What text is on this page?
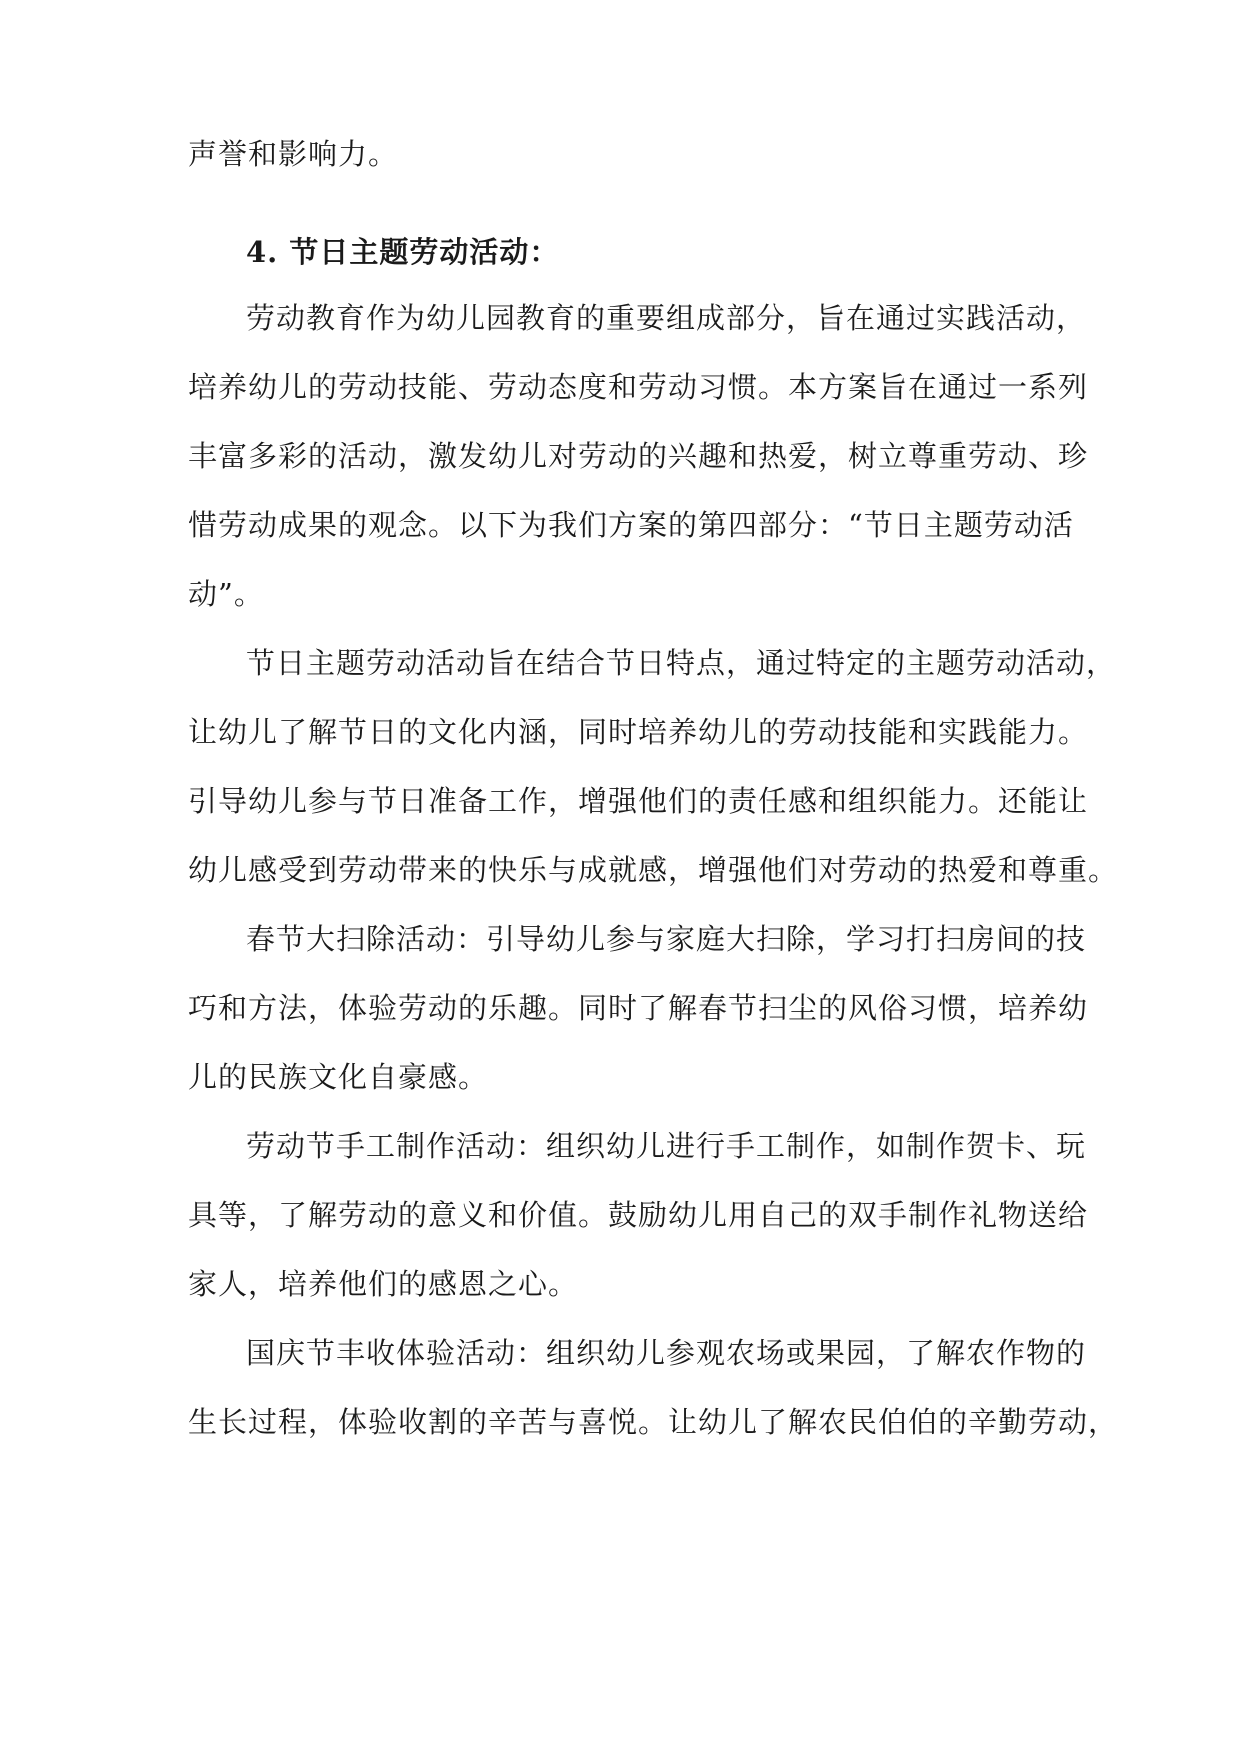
声誉和影响力。

4. 节日主题劳动活动：

劳动教育作为幼儿园教育的重要组成部分，旨在通过实践活动，

培养幼儿的劳动技能、劳动态度和劳动习惯。本方案旨在通过一系列

丰富多彩的活动，激发幼儿对劳动的兴趣和热爱，树立尊重劳动、珍

惜劳动成果的观念。以下为我们方案的第四部分：“节日主题劳动活

动”。

节日主题劳动活动旨在结合节日特点，通过特定的主题劳动活动，

让幼儿了解节日的文化内涵，同时培养幼儿的劳动技能和实践能力。

引导幼儿参与节日准备工作，增强他们的责任感和组织能力。还能让

幼儿感受到劳动带来的快乐与成就感，增强他们对劳动的热爱和尊重。

春节大扫除活动：引导幼儿参与家庭大扫除，学习打扫房间的技

巧和方法，体验劳动的乐趣。同时了解春节扫尘的风俗习惯，培养幼

儿的民族文化自豪感。

劳动节手工制作活动：组织幼儿进行手工制作，如制作贺卡、玩

具等，了解劳动的意义和价值。鼓励幼儿用自己的双手制作礼物送给

家人，培养他们的感恩之心。

国庆节丰收体验活动：组织幼儿参观农场或果园，了解农作物的

生长过程，体验收割的辛苦与喜悦。让幼儿了解农民伯伯的辛勤劳动，
